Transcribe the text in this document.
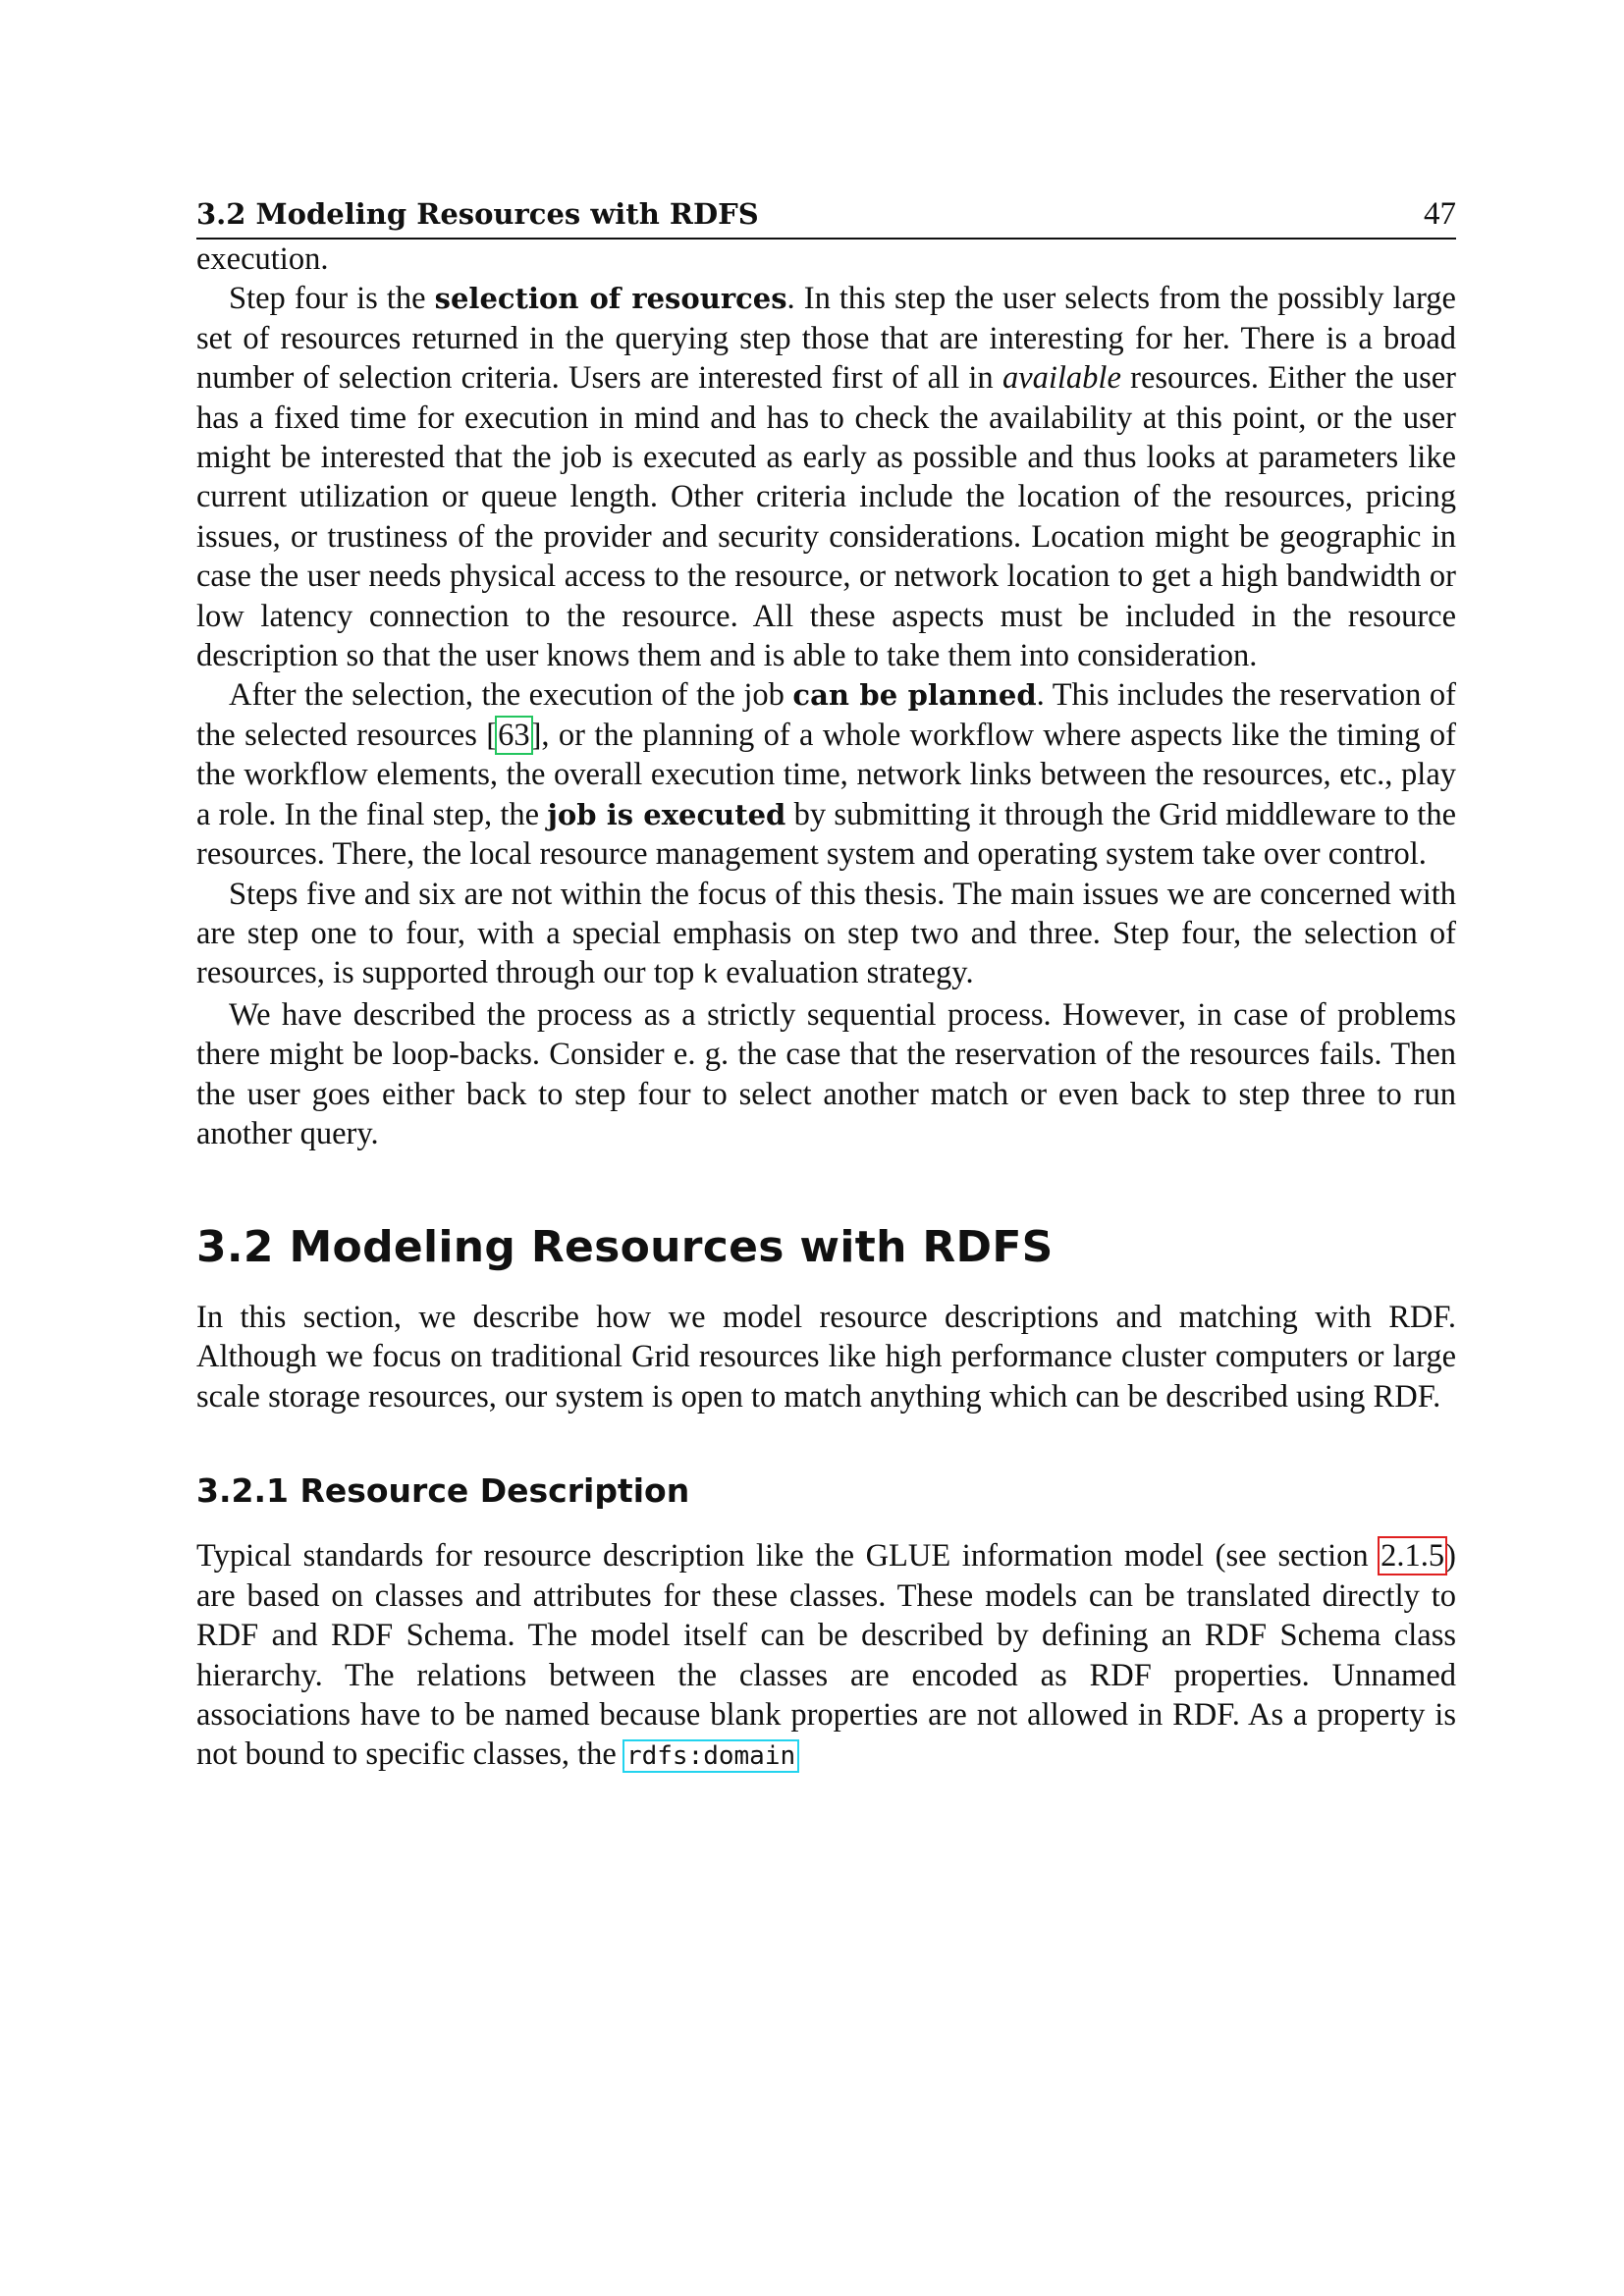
3.2 Modeling Resources with RDFS	47

execution.

Step four is the selection of resources. In this step the user selects from the possibly large set of resources returned in the querying step those that are interesting for her. There is a broad number of selection criteria. Users are interested first of all in available resources. Either the user has a fixed time for execution in mind and has to check the availability at this point, or the user might be interested that the job is executed as early as possible and thus looks at parameters like current utilization or queue length. Other criteria include the location of the resources, pricing issues, or trustiness of the provider and security considerations. Location might be geographic in case the user needs physical access to the resource, or network location to get a high bandwidth or low latency connection to the resource. All these aspects must be included in the resource description so that the user knows them and is able to take them into consideration.

After the selection, the execution of the job can be planned. This includes the reservation of the selected resources [63], or the planning of a whole workflow where aspects like the timing of the workflow elements, the overall execution time, network links between the resources, etc., play a role. In the final step, the job is executed by submitting it through the Grid middleware to the resources. There, the local resource management system and operating system take over control.

Steps five and six are not within the focus of this thesis. The main issues we are concerned with are step one to four, with a special emphasis on step two and three. Step four, the selection of resources, is supported through our top k evaluation strategy.

We have described the process as a strictly sequential process. However, in case of problems there might be loop-backs. Consider e. g. the case that the reservation of the resources fails. Then the user goes either back to step four to select another match or even back to step three to run another query.

3.2 Modeling Resources with RDFS

In this section, we describe how we model resource descriptions and matching with RDF. Although we focus on traditional Grid resources like high performance cluster computers or large scale storage resources, our system is open to match anything which can be described using RDF.

3.2.1 Resource Description

Typical standards for resource description like the GLUE information model (see section 2.1.5) are based on classes and attributes for these classes. These models can be translated directly to RDF and RDF Schema. The model itself can be described by defining an RDF Schema class hierarchy. The relations between the classes are encoded as RDF properties. Unnamed associations have to be named because blank properties are not allowed in RDF. As a property is not bound to specific classes, the rdfs:domain
